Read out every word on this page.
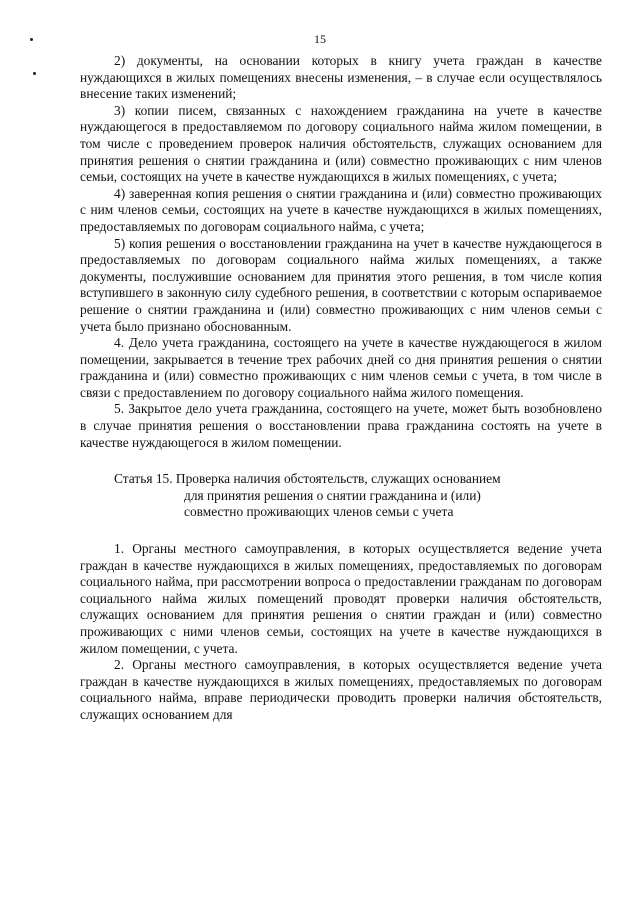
15

2) документы, на основании которых в книгу учета граждан в качестве нуждающихся в жилых помещениях внесены изменения, – в случае если осуществлялось внесение таких изменений;

3) копии писем, связанных с нахождением гражданина на учете в качестве нуждающегося в предоставляемом по договору социального найма жилом помещении, в том числе с проведением проверок наличия обстоятельств, служащих основанием для принятия решения о снятии гражданина и (или) совместно проживающих с ним членов семьи, состоящих на учете в качестве нуждающихся в жилых помещениях, с учета;

4) заверенная копия решения о снятии гражданина и (или) совместно проживающих с ним членов семьи, состоящих на учете в качестве нуждающихся в жилых помещениях, предоставляемых по договорам социального найма, с учета;

5) копия решения о восстановлении гражданина на учет в качестве нуждающегося в предоставляемых по договорам социального найма жилых помещениях, а также документы, послужившие основанием для принятия этого решения, в том числе копия вступившего в законную силу судебного решения, в соответствии с которым оспариваемое решение о снятии гражданина и (или) совместно проживающих с ним членов семьи с учета было признано обоснованным.

4. Дело учета гражданина, состоящего на учете в качестве нуждающегося в жилом помещении, закрывается в течение трех рабочих дней со дня принятия решения о снятии гражданина и (или) совместно проживающих с ним членов семьи с учета, в том числе в связи с предоставлением по договору социального найма жилого помещения.

5. Закрытое дело учета гражданина, состоящего на учете, может быть возобновлено в случае принятия решения о восстановлении права гражданина состоять на учете в качестве нуждающегося в жилом помещении.

Статья 15. Проверка наличия обстоятельств, служащих основанием
для принятия решения о снятии гражданина и (или)
совместно проживающих членов семьи с учета

1. Органы местного самоуправления, в которых осуществляется ведение учета граждан в качестве нуждающихся в жилых помещениях, предоставляемых по договорам социального найма, при рассмотрении вопроса о предоставлении гражданам по договорам социального найма жилых помещений проводят проверки наличия обстоятельств, служащих основанием для принятия решения о снятии граждан и (или) совместно проживающих с ними членов семьи, состоящих на учете в качестве нуждающихся в жилом помещении, с учета.

2. Органы местного самоуправления, в которых осуществляется ведение учета граждан в качестве нуждающихся в жилых помещениях, предоставляемых по договорам социального найма, вправе периодически проводить проверки наличия обстоятельств, служащих основанием для
